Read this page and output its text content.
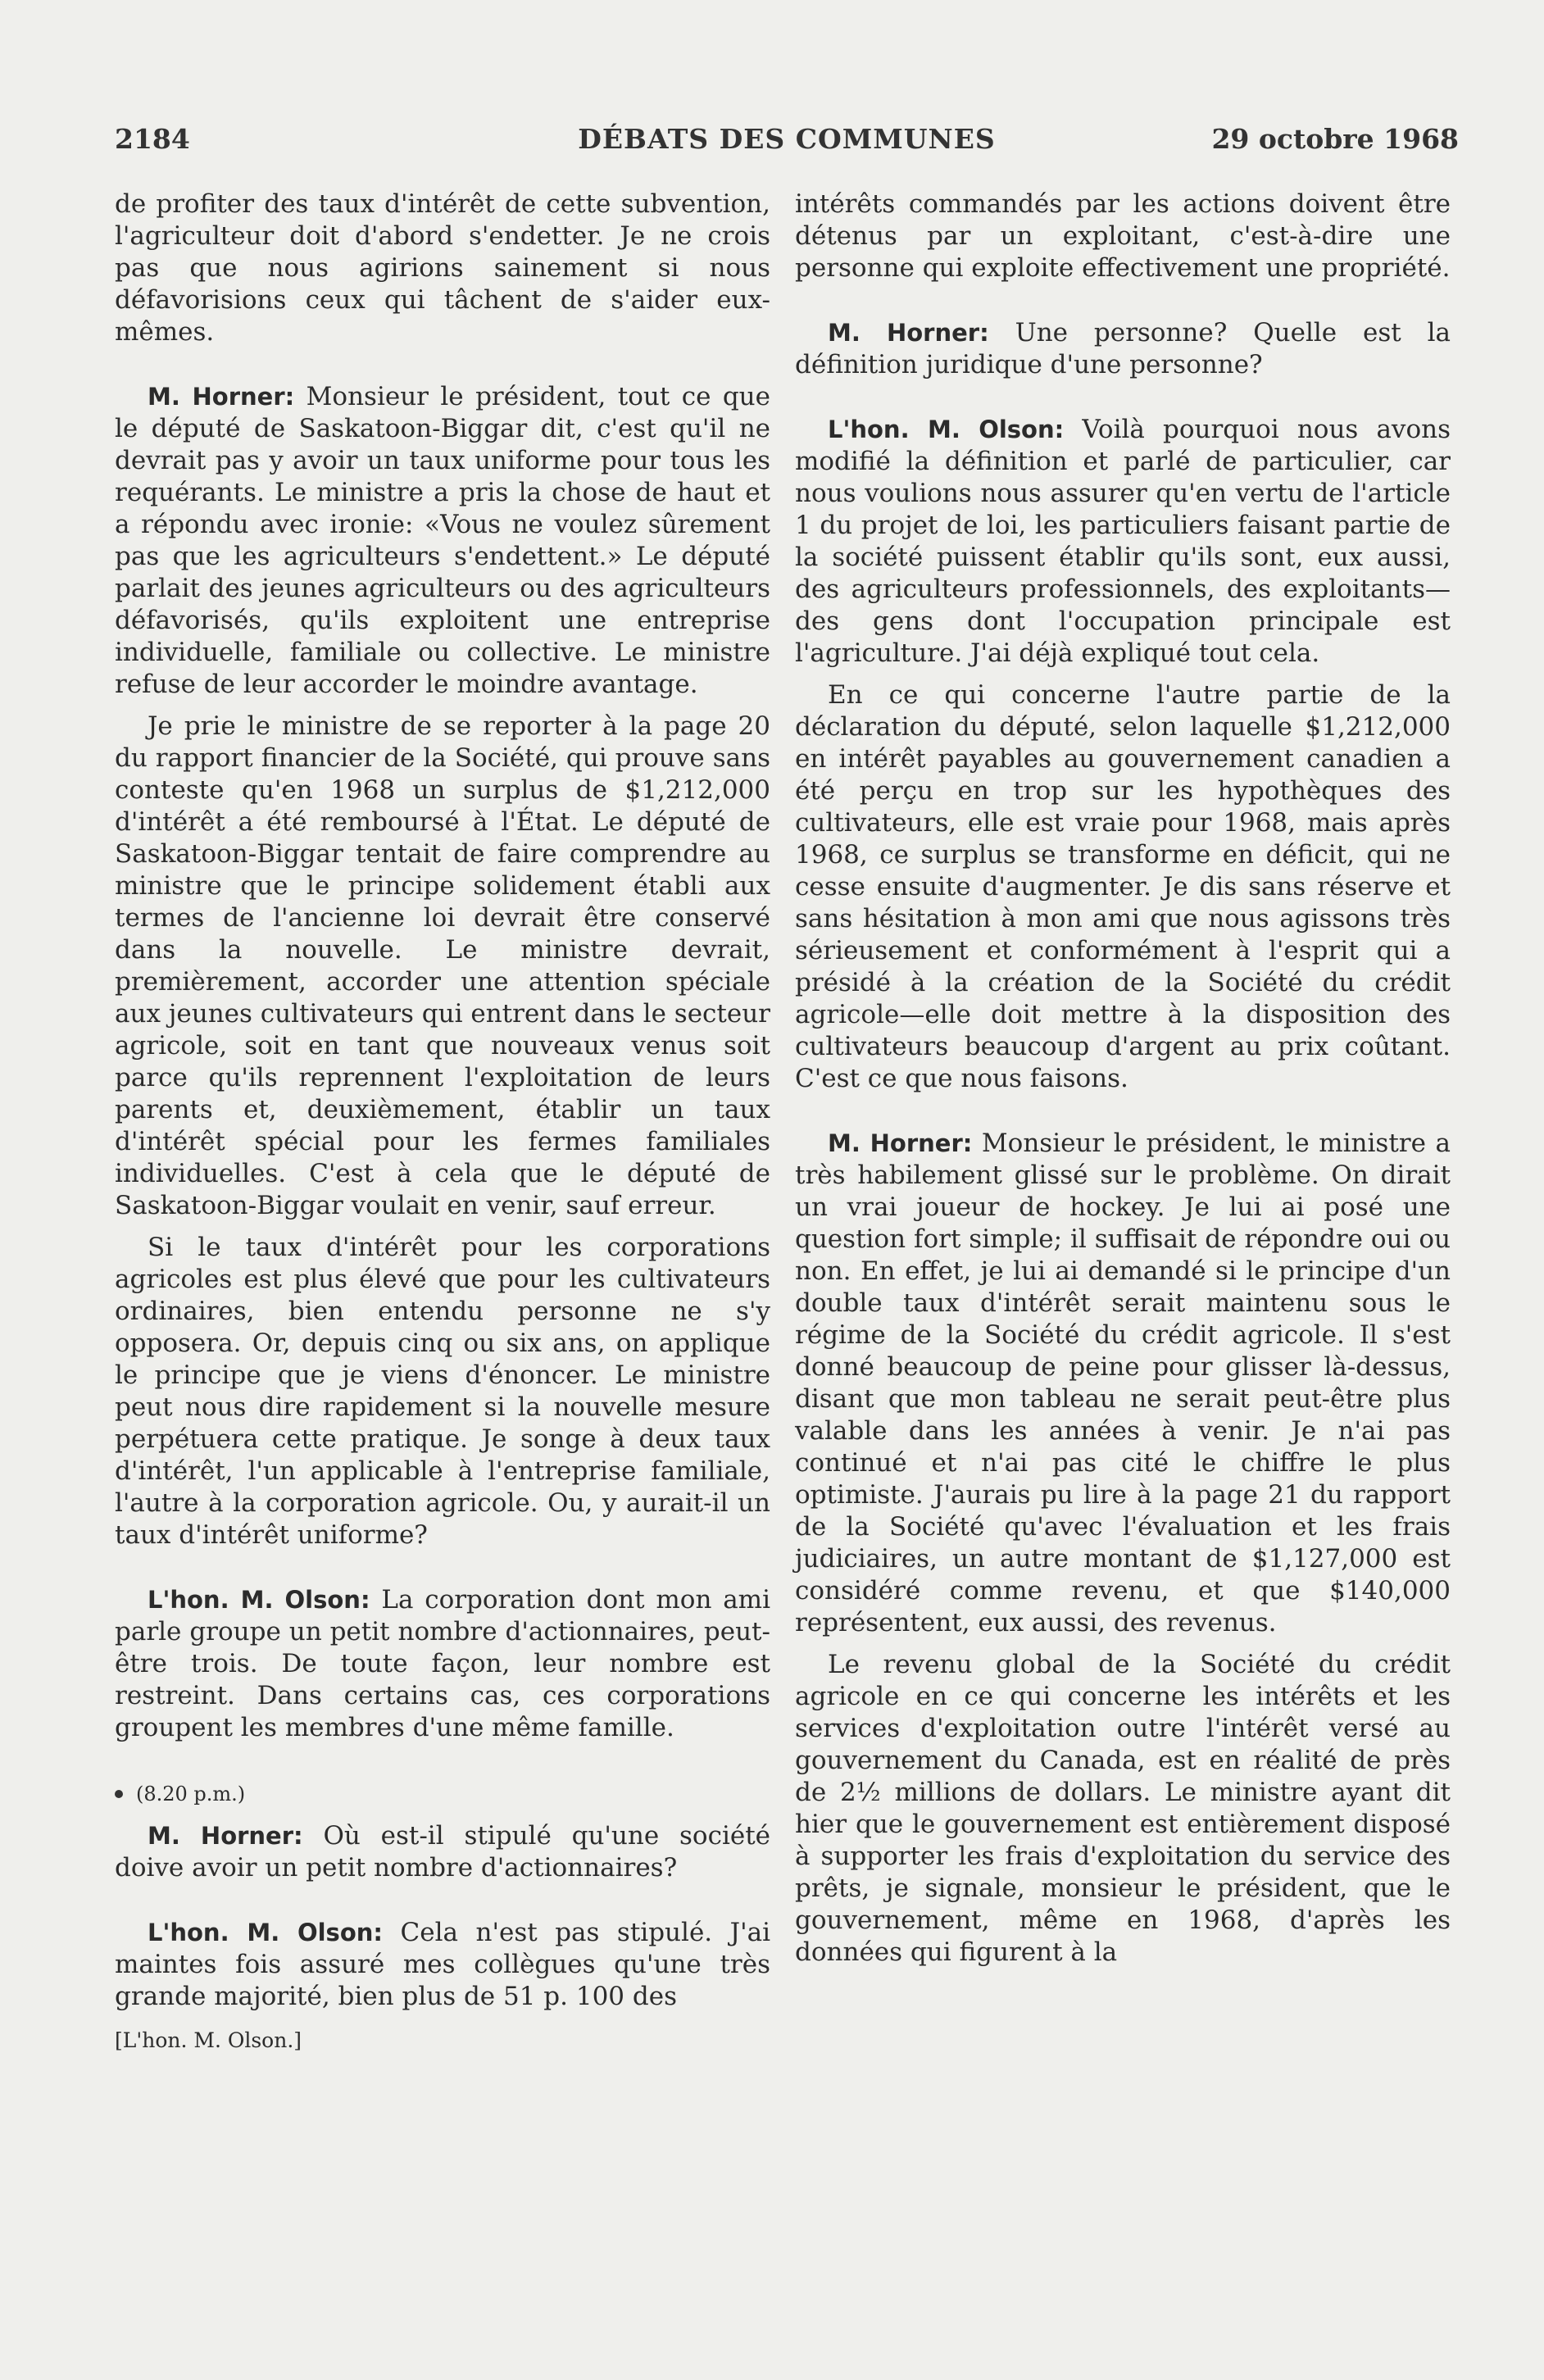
2184	DÉBATS DES COMMUNES	29 octobre 1968

de profiter des taux d'intérêt de cette subvention, l'agriculteur doit d'abord s'endetter. Je ne crois pas que nous agirions sainement si nous défavorisions ceux qui tâchent de s'aider eux-mêmes.

M. Horner: Monsieur le président, tout ce que le député de Saskatoon-Biggar dit, c'est qu'il ne devrait pas y avoir un taux uniforme pour tous les requérants. Le ministre a pris la chose de haut et a répondu avec ironie: «Vous ne voulez sûrement pas que les agriculteurs s'endettent.» Le député parlait des jeunes agriculteurs ou des agriculteurs défavorisés, qu'ils exploitent une entreprise individuelle, familiale ou collective. Le ministre refuse de leur accorder le moindre avantage.

Je prie le ministre de se reporter à la page 20 du rapport financier de la Société, qui prouve sans conteste qu'en 1968 un surplus de $1,212,000 d'intérêt a été remboursé à l'État. Le député de Saskatoon-Biggar tentait de faire comprendre au ministre que le principe solidement établi aux termes de l'ancienne loi devrait être conservé dans la nouvelle. Le ministre devrait, premièrement, accorder une attention spéciale aux jeunes cultivateurs qui entrent dans le secteur agricole, soit en tant que nouveaux venus soit parce qu'ils reprennent l'exploitation de leurs parents et, deuxièmement, établir un taux d'intérêt spécial pour les fermes familiales individuelles. C'est à cela que le député de Saskatoon-Biggar voulait en venir, sauf erreur.

Si le taux d'intérêt pour les corporations agricoles est plus élevé que pour les cultivateurs ordinaires, bien entendu personne ne s'y opposera. Or, depuis cinq ou six ans, on applique le principe que je viens d'énoncer. Le ministre peut nous dire rapidement si la nouvelle mesure perpétuera cette pratique. Je songe à deux taux d'intérêt, l'un applicable à l'entreprise familiale, l'autre à la corporation agricole. Ou, y aurait-il un taux d'intérêt uniforme?

L'hon. M. Olson: La corporation dont mon ami parle groupe un petit nombre d'actionnaires, peut-être trois. De toute façon, leur nombre est restreint. Dans certains cas, ces corporations groupent les membres d'une même famille.

(8.20 p.m.)

M. Horner: Où est-il stipulé qu'une société doive avoir un petit nombre d'actionnaires?

L'hon. M. Olson: Cela n'est pas stipulé. J'ai maintes fois assuré mes collègues qu'une très grande majorité, bien plus de 51 p. 100 des

[L'hon. M. Olson.]

intérêts commandés par les actions doivent être détenus par un exploitant, c'est-à-dire une personne qui exploite effectivement une propriété.

M. Horner: Une personne? Quelle est la définition juridique d'une personne?

L'hon. M. Olson: Voilà pourquoi nous avons modifié la définition et parlé de particulier, car nous voulions nous assurer qu'en vertu de l'article 1 du projet de loi, les particuliers faisant partie de la société puissent établir qu'ils sont, eux aussi, des agriculteurs professionnels, des exploitants—des gens dont l'occupation principale est l'agriculture. J'ai déjà expliqué tout cela.

En ce qui concerne l'autre partie de la déclaration du député, selon laquelle $1,212,000 en intérêt payables au gouvernement canadien a été perçu en trop sur les hypothèques des cultivateurs, elle est vraie pour 1968, mais après 1968, ce surplus se transforme en déficit, qui ne cesse ensuite d'augmenter. Je dis sans réserve et sans hésitation à mon ami que nous agissons très sérieusement et conformément à l'esprit qui a présidé à la création de la Société du crédit agricole—elle doit mettre à la disposition des cultivateurs beaucoup d'argent au prix coûtant. C'est ce que nous faisons.

M. Horner: Monsieur le président, le ministre a très habilement glissé sur le problème. On dirait un vrai joueur de hockey. Je lui ai posé une question fort simple; il suffisait de répondre oui ou non. En effet, je lui ai demandé si le principe d'un double taux d'intérêt serait maintenu sous le régime de la Société du crédit agricole. Il s'est donné beaucoup de peine pour glisser là-dessus, disant que mon tableau ne serait peut-être plus valable dans les années à venir. Je n'ai pas continué et n'ai pas cité le chiffre le plus optimiste. J'aurais pu lire à la page 21 du rapport de la Société qu'avec l'évaluation et les frais judiciaires, un autre montant de $1,127,000 est considéré comme revenu, et que $140,000 représentent, eux aussi, des revenus.

Le revenu global de la Société du crédit agricole en ce qui concerne les intérêts et les services d'exploitation outre l'intérêt versé au gouvernement du Canada, est en réalité de près de 2½ millions de dollars. Le ministre ayant dit hier que le gouvernement est entièrement disposé à supporter les frais d'exploitation du service des prêts, je signale, monsieur le président, que le gouvernement, même en 1968, d'après les données qui figurent à la
